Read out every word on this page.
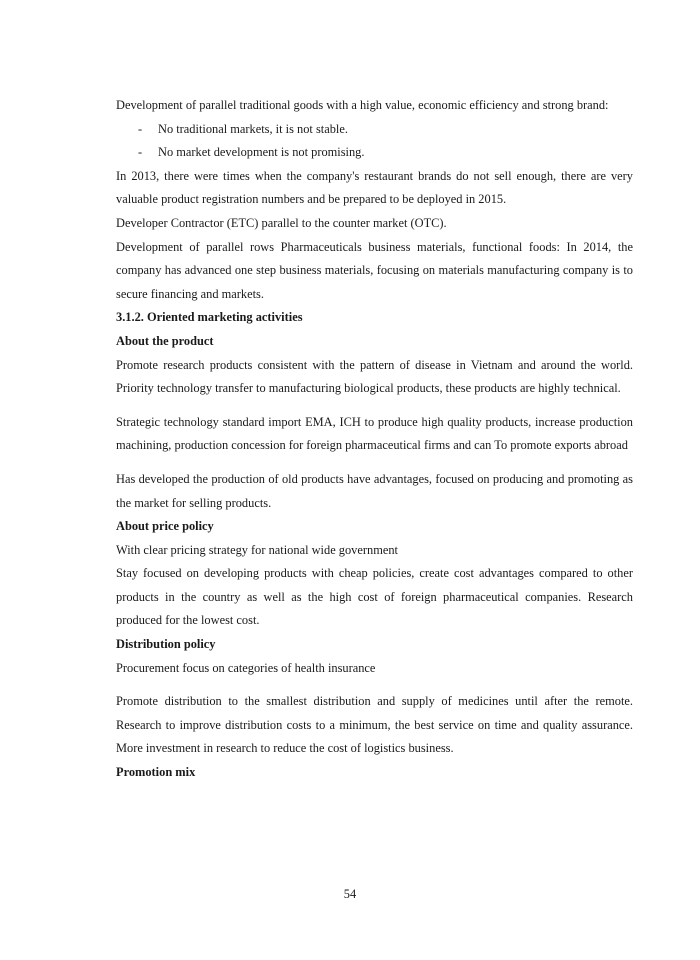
Development of parallel traditional goods with a high value, economic efficiency and strong brand:

- No traditional markets, it is not stable.

- No market development is not promising.

In 2013, there were times when the company's restaurant brands do not sell enough, there are very valuable product registration numbers and be prepared to be deployed in 2015.

Developer Contractor (ETC) parallel to the counter market (OTC).

Development of parallel rows Pharmaceuticals business materials, functional foods: In 2014, the company has advanced one step business materials, focusing on materials manufacturing company is to secure financing and markets.

3.1.2. Oriented marketing activities

About the product

Promote research products consistent with the pattern of disease in Vietnam and around the world. Priority technology transfer to manufacturing biological products, these products are highly technical.

Strategic technology standard import EMA, ICH to produce high quality products, increase production machining, production concession for foreign pharmaceutical firms and can To promote exports abroad

Has developed the production of old products have advantages, focused on producing and promoting as the market for selling products.

About price policy

With clear pricing strategy for national wide government

Stay focused on developing products with cheap policies, create cost advantages compared to other products in the country as well as the high cost of foreign pharmaceutical companies. Research produced for the lowest cost.

Distribution policy

Procurement focus on categories of health insurance

Promote distribution to the smallest distribution and supply of medicines until after the remote. Research to improve distribution costs to a minimum, the best service on time and quality assurance. More investment in research to reduce the cost of logistics business.

Promotion mix

54
